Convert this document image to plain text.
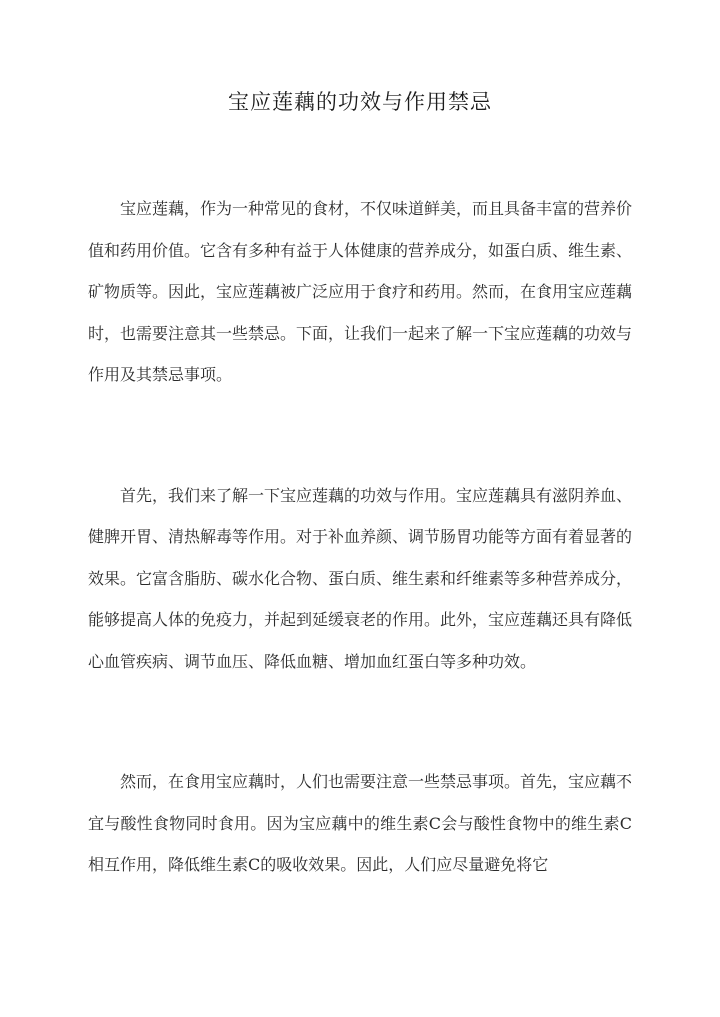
宝应莲藕的功效与作用禁忌

宝应莲藕，作为一种常见的食材，不仅味道鲜美，而且具备丰富的营养价值和药用价值。它含有多种有益于人体健康的营养成分，如蛋白质、维生素、矿物质等。因此，宝应莲藕被广泛应用于食疗和药用。然而，在食用宝应莲藕时，也需要注意其一些禁忌。下面，让我们一起来了解一下宝应莲藕的功效与作用及其禁忌事项。

首先，我们来了解一下宝应莲藕的功效与作用。宝应莲藕具有滋阴养血、健脾开胃、清热解毒等作用。对于补血养颜、调节肠胃功能等方面有着显著的效果。它富含脂肪、碳水化合物、蛋白质、维生素和纤维素等多种营养成分，能够提高人体的免疫力，并起到延缓衰老的作用。此外，宝应莲藕还具有降低心血管疾病、调节血压、降低血糖、增加血红蛋白等多种功效。

然而，在食用宝应藕时，人们也需要注意一些禁忌事项。首先，宝应藕不宜与酸性食物同时食用。因为宝应藕中的维生素C会与酸性食物中的维生素C相互作用，降低维生素C的吸收效果。因此，人们应尽量避免将它
